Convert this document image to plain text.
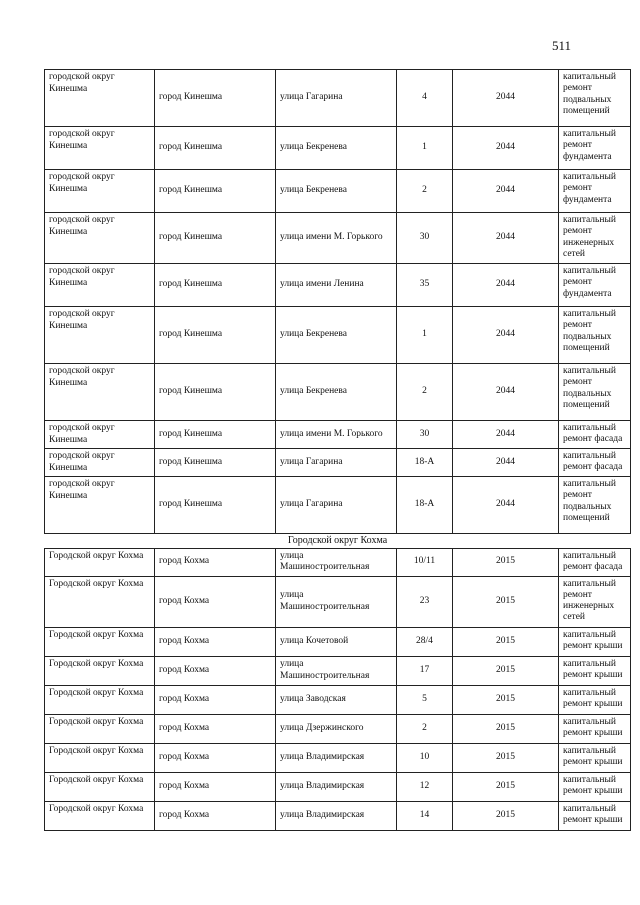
511
городской округ Кинешма	город Кинешма	улица Гагарина	4	2044	капитальный ремонт подвальных помещений
городской округ Кинешма	город Кинешма	улица Бекренева	1	2044	капитальный ремонт фундамента
городской округ Кинешма	город Кинешма	улица Бекренева	2	2044	капитальный ремонт фундамента
городской округ Кинешма	город Кинешма	улица имени М. Горького	30	2044	капитальный ремонт инженерных сетей
городской округ Кинешма	город Кинешма	улица имени Ленина	35	2044	капитальный ремонт фундамента
городской округ Кинешма	город Кинешма	улица Бекренева	1	2044	капитальный ремонт подвальных помещений
городской округ Кинешма	город Кинешма	улица Бекренева	2	2044	капитальный ремонт подвальных помещений
городской округ Кинешма	город Кинешма	улица имени М. Горького	30	2044	капитальный ремонт фасада
городской округ Кинешма	город Кинешма	улица Гагарина	18-А	2044	капитальный ремонт фасада
городской округ Кинешма	город Кинешма	улица Гагарина	18-А	2044	капитальный ремонт подвальных помещений
Городской округ Кохма					
Городской округ Кохма	город Кохма	улица Машиностроительная	10/11	2015	капитальный ремонт фасада
Городской округ Кохма	город Кохма	улица Машиностроительная	23	2015	капитальный ремонт инженерных сетей
Городской округ Кохма	город Кохма	улица Кочетовой	28/4	2015	капитальный ремонт крыши
Городской округ Кохма	город Кохма	улица Машиностроительная	17	2015	капитальный ремонт крыши
Городской округ Кохма	город Кохма	улица Заводская	5	2015	капитальный ремонт крыши
Городской округ Кохма	город Кохма	улица Дзержинского	2	2015	капитальный ремонт крыши
Городской округ Кохма	город Кохма	улица Владимирская	10	2015	капитальный ремонт крыши
Городской округ Кохма	город Кохма	улица Владимирская	12	2015	капитальный ремонт крыши
Городской округ Кохма	город Кохма	улица Владимирская	14	2015	капитальный ремонт крыши
